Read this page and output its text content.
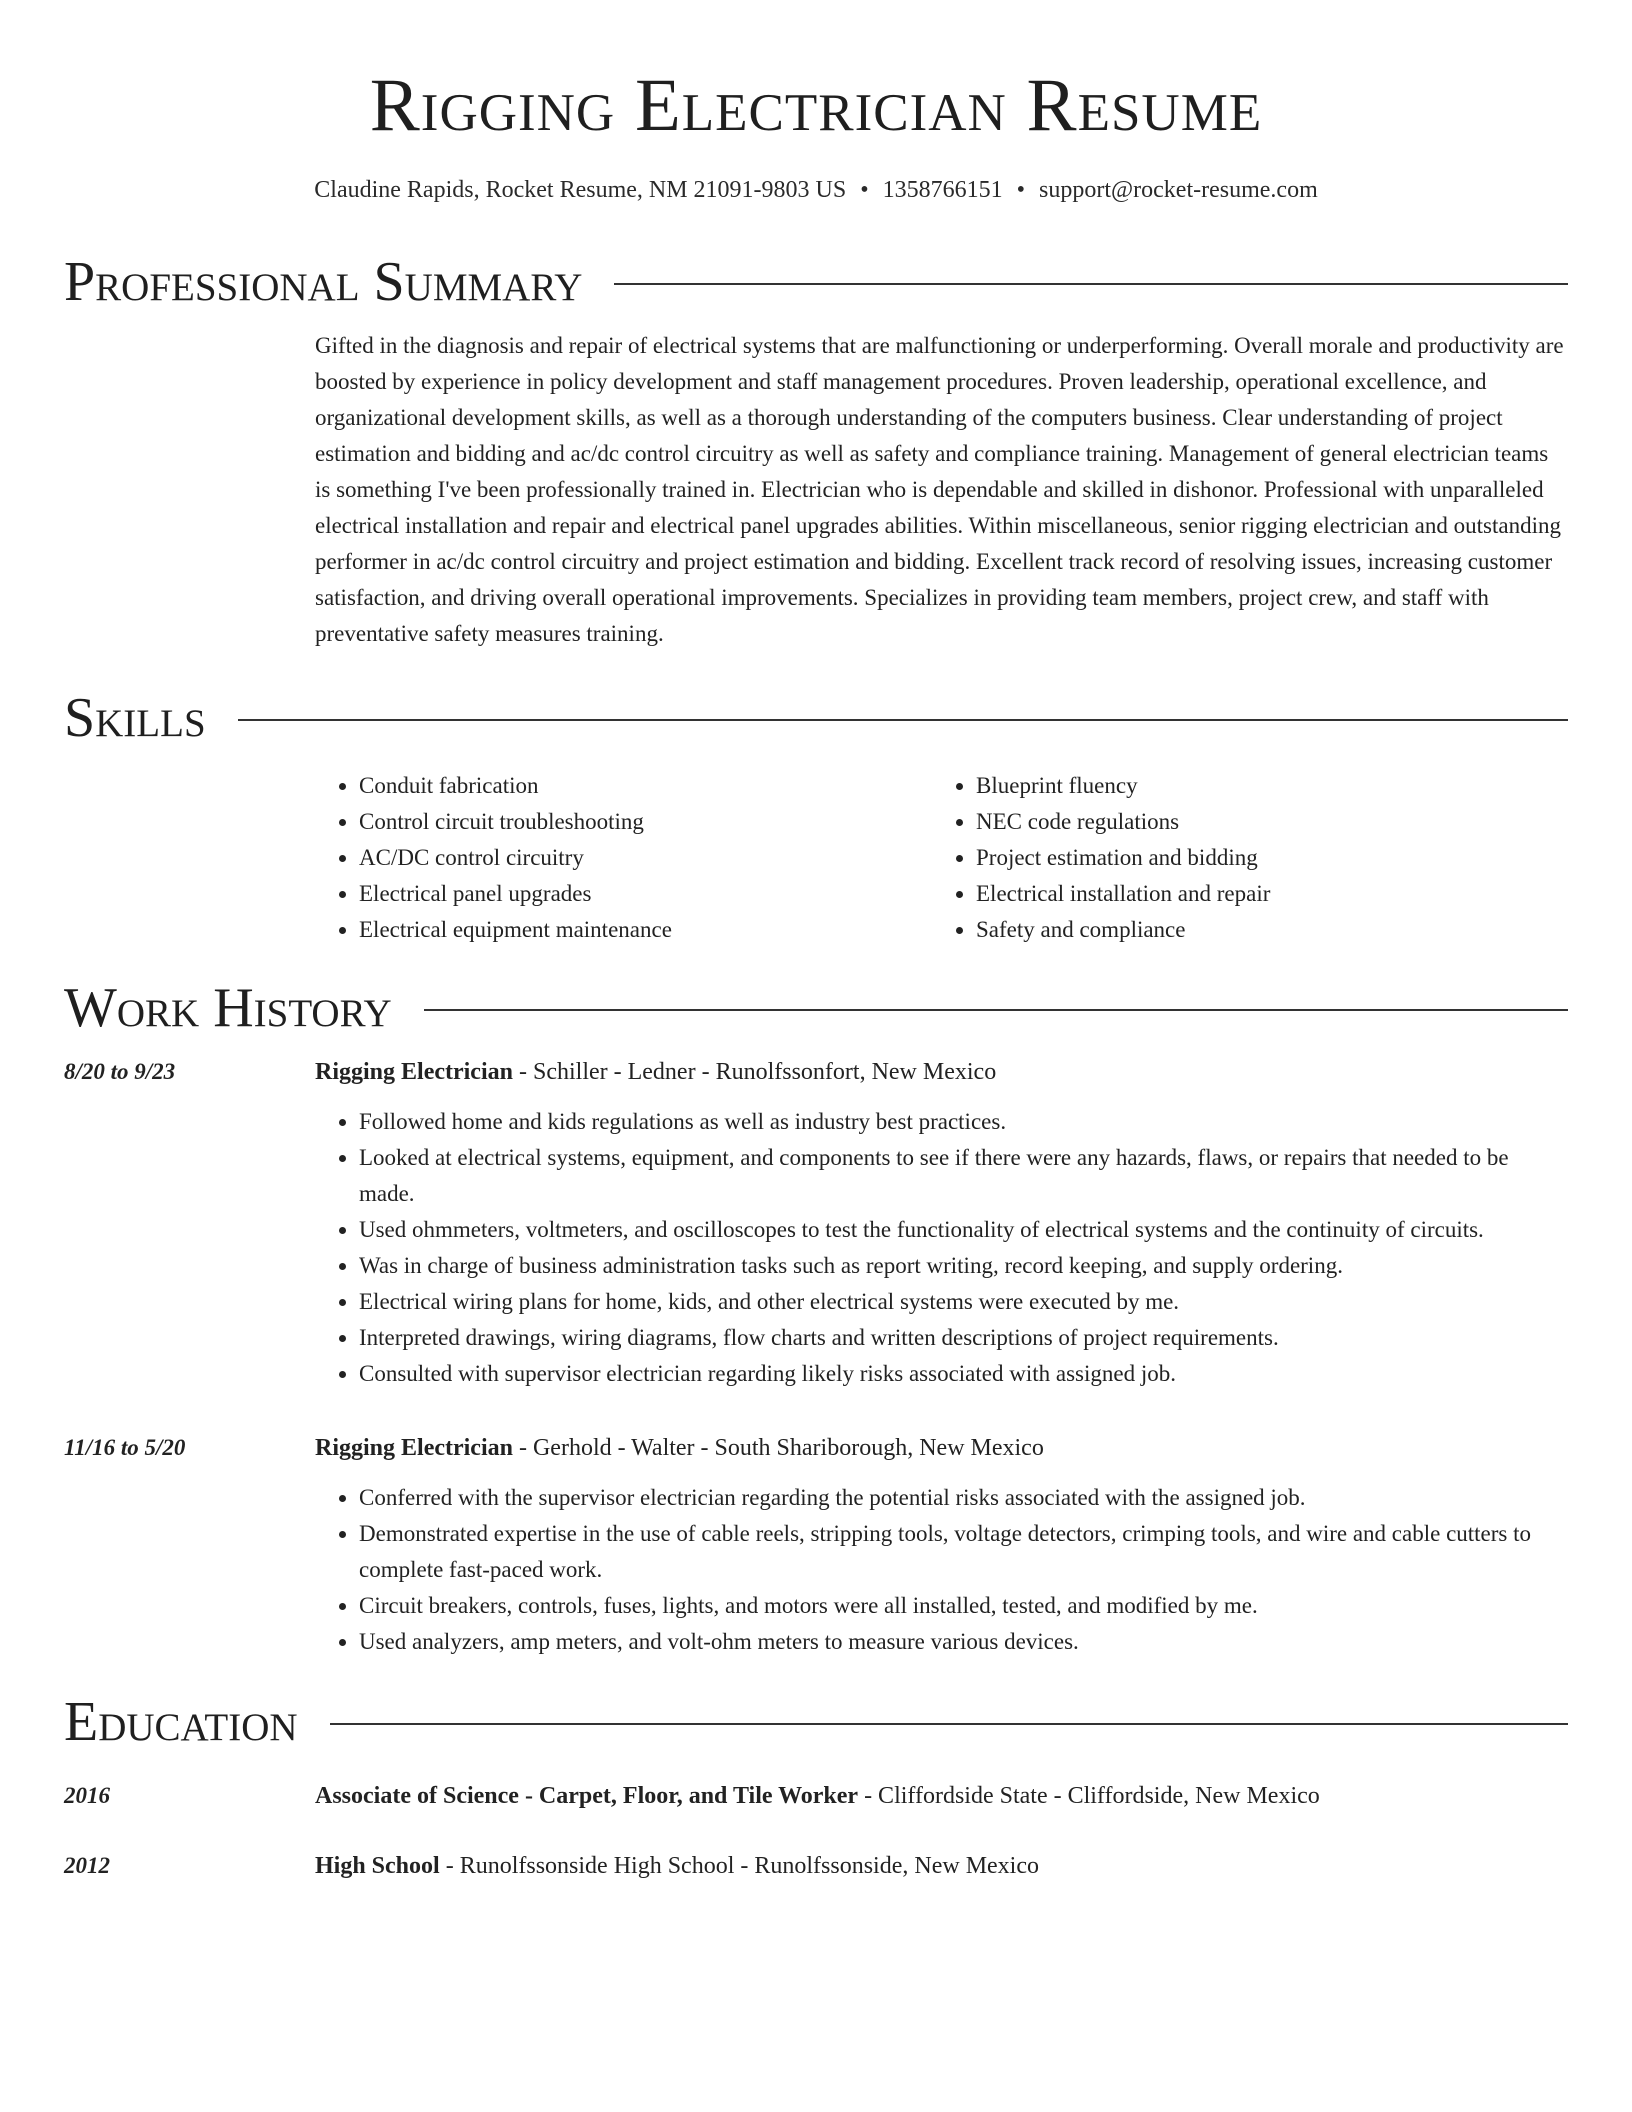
Rigging Electrician Resume
Claudine Rapids, Rocket Resume, NM 21091-9803 US • 1358766151 • support@rocket-resume.com
Professional Summary
Gifted in the diagnosis and repair of electrical systems that are malfunctioning or underperforming. Overall morale and productivity are boosted by experience in policy development and staff management procedures. Proven leadership, operational excellence, and organizational development skills, as well as a thorough understanding of the computers business. Clear understanding of project estimation and bidding and ac/dc control circuitry as well as safety and compliance training. Management of general electrician teams is something I've been professionally trained in. Electrician who is dependable and skilled in dishonor. Professional with unparalleled electrical installation and repair and electrical panel upgrades abilities. Within miscellaneous, senior rigging electrician and outstanding performer in ac/dc control circuitry and project estimation and bidding. Excellent track record of resolving issues, increasing customer satisfaction, and driving overall operational improvements. Specializes in providing team members, project crew, and staff with preventative safety measures training.
Skills
• Conduit fabrication
• Control circuit troubleshooting
• AC/DC control circuitry
• Electrical panel upgrades
• Electrical equipment maintenance
• Blueprint fluency
• NEC code regulations
• Project estimation and bidding
• Electrical installation and repair
• Safety and compliance
Work History
8/20 to 9/23	Rigging Electrician - Schiller - Ledner - Runolfssonfort, New Mexico
• Followed home and kids regulations as well as industry best practices.
• Looked at electrical systems, equipment, and components to see if there were any hazards, flaws, or repairs that needed to be made.
• Used ohmmeters, voltmeters, and oscilloscopes to test the functionality of electrical systems and the continuity of circuits.
• Was in charge of business administration tasks such as report writing, record keeping, and supply ordering.
• Electrical wiring plans for home, kids, and other electrical systems were executed by me.
• Interpreted drawings, wiring diagrams, flow charts and written descriptions of project requirements.
• Consulted with supervisor electrician regarding likely risks associated with assigned job.
11/16 to 5/20	Rigging Electrician - Gerhold - Walter - South Shariborough, New Mexico
• Conferred with the supervisor electrician regarding the potential risks associated with the assigned job.
• Demonstrated expertise in the use of cable reels, stripping tools, voltage detectors, crimping tools, and wire and cable cutters to complete fast-paced work.
• Circuit breakers, controls, fuses, lights, and motors were all installed, tested, and modified by me.
• Used analyzers, amp meters, and volt-ohm meters to measure various devices.
Education
2016	Associate of Science - Carpet, Floor, and Tile Worker - Cliffordside State - Cliffordside, New Mexico
2012	High School - Runolfssonside High School - Runolfssonside, New Mexico
